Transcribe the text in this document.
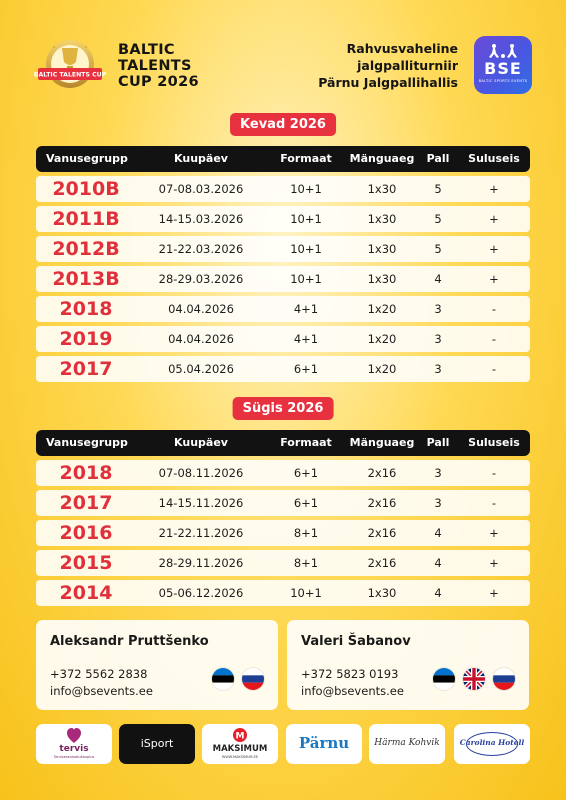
BALTIC TALENTS CUP
BALTIC
TALENTS
CUP 2026
Rahvusvaheline
jalgpalliturniir
Pärnu Jalgpallihallis
BSE
BALTIC SPORTS EVENTS
Kevad 2026
Vanusegrupp	Kuupäev	Formaat	Mänguaeg	Pall	Suluseis
2010B	07-08.03.2026	10+1	1x30	5	+
2011B	14-15.03.2026	10+1	1x30	5	+
2012B	21-22.03.2026	10+1	1x30	5	+
2013B	28-29.03.2026	10+1	1x30	4	+
2018	04.04.2026	4+1	1x20	3	-
2019	04.04.2026	4+1	1x20	3	-
2017	05.04.2026	6+1	1x20	3	-
Sügis 2026
Vanusegrupp	Kuupäev	Formaat	Mänguaeg	Pall	Suluseis
2018	07-08.11.2026	6+1	2x16	3	-
2017	14-15.11.2026	6+1	2x16	3	-
2016	21-22.11.2026	8+1	2x16	4	+
2015	28-29.11.2026	8+1	2x16	4	+
2014	05-06.12.2026	10+1	1x30	4	+
Aleksandr Pruttšenko
+372 5562 2838
info@bsevents.ee

Valeri Šabanov
+372 5823 0193
info@bsevents.ee

tervis
Terviseraamatukauplus
iSport
M
MAKSIMUM
WWW.MAKSIMUM.EE
Pärnu	Härma Kohvik	Carolina Hotell
